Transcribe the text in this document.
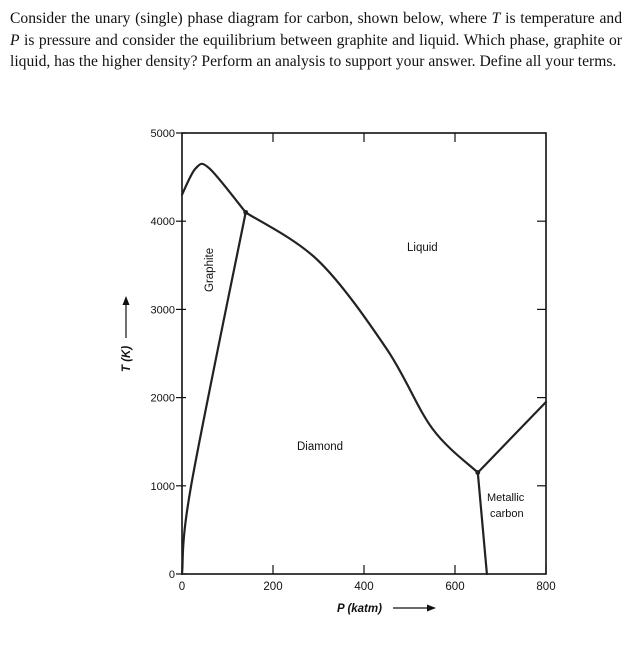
Consider the unary (single) phase diagram for carbon, shown below, where T is temperature and P is pressure and consider the equilibrium between graphite and liquid. Which phase, graphite or liquid, has the higher density? Perform an analysis to support your answer. Define all your terms.
0	200	400	600	800
0
1000
2000
3000
4000
5000
P (katm)
T (K)
Graphite	Liquid
Diamond
Metallic
carbon
